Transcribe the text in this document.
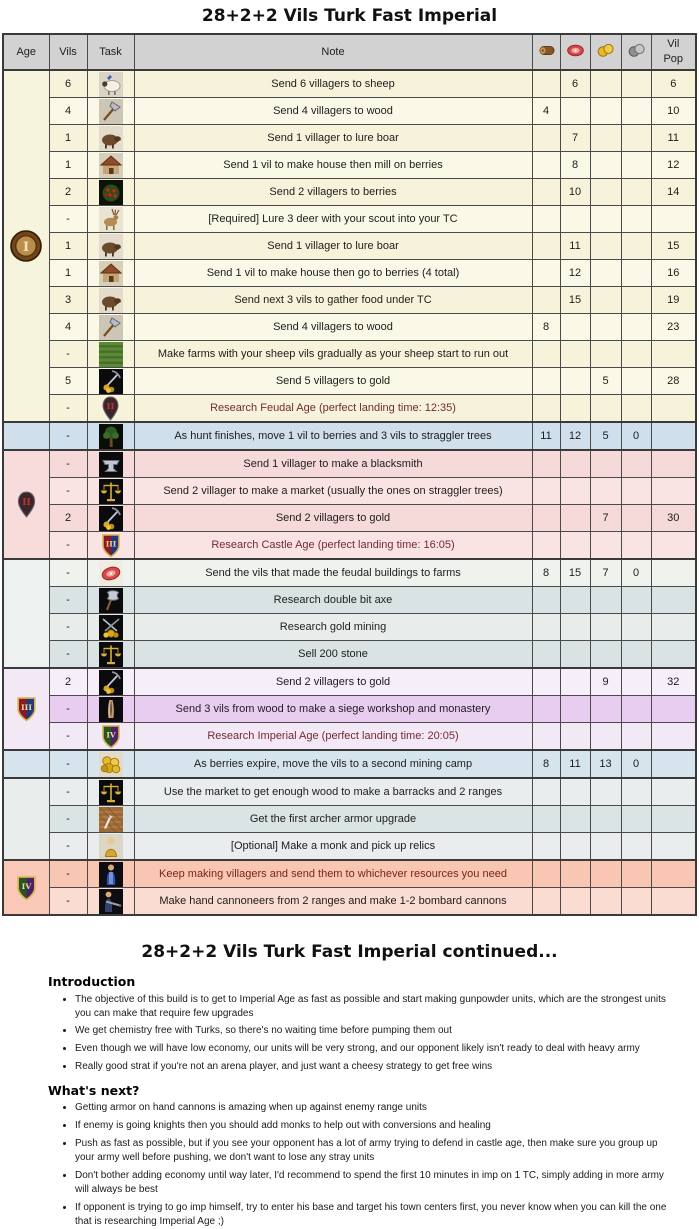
28+2+2 Vils Turk Fast Imperial
Age	Vils	Task	Note					Vil
Pop

I	6		Send 6 villagers to sheep		6			6
	4		Send 4 villagers to wood	4				10
	1		Send 1 villager to lure boar		7			11
	1		Send 1 vil to make house then mill on berries		8			12
	2		Send 2 villagers to berries		10			14
	-		[Required] Lure 3 deer with your scout into your TC					
	1		Send 1 villager to lure boar		11			15
	1		Send 1 vil to make house then go to berries (4 total)		12			16
	3		Send next 3 vils to gather food under TC		15			19
	4		Send 4 villagers to wood	8				23
	-		Make farms with your sheep vils gradually as your sheep start to run out					
	5		Send 5 villagers to gold			5		28
	-	II	Research Feudal Age (perfect landing time: 12:35)					
	-		As hunt finishes, move 1 vil to berries and 3 vils to straggler trees	11	12	5	0	

II	-		Send 1 villager to make a blacksmith					
	-		Send 2 villager to make a market (usually the ones on straggler trees)					
	2		Send 2 villagers to gold			7		30
	-	III	Research Castle Age (perfect landing time: 16:05)					
	-		Send the vils that made the feudal buildings to farms	8	15	7	0	
	-		Research double bit axe					
	-		Research gold mining					
	-		Sell 200 stone					

III	2		Send 2 villagers to gold			9		32
	-		Send 3 vils from wood to make a siege workshop and monastery					
	-	IV	Research Imperial Age (perfect landing time: 20:05)					
	-		As berries expire, move the vils to a second mining camp	8	11	13	0	
	-		Use the market to get enough wood to make a barracks and 2 ranges					
	-		Get the first archer armor upgrade					
	-		[Optional] Make a monk and pick up relics					

IV	-		Keep making villagers and send them to whichever resources you need					
	-		Make hand cannoneers from 2 ranges and make 1-2 bombard cannons					
28+2+2 Vils Turk Fast Imperial continued...
Introduction
• The objective of this build is to get to Imperial Age as fast as possible and start making gunpowder units, which are the strongest units you can make that require few upgrades
• We get chemistry free with Turks, so there's no waiting time before pumping them out
• Even though we will have low economy, our units will be very strong, and our opponent likely isn't ready to deal with heavy army
• Really good strat if you're not an arena player, and just want a cheesy strategy to get free wins
What's next?
• Getting armor on hand cannons is amazing when up against enemy range units
• If enemy is going knights then you should add monks to help out with conversions and healing
• Push as fast as possible, but if you see your opponent has a lot of army trying to defend in castle age, then make sure you group up your army well before pushing, we don't want to lose any stray units
• Don't bother adding economy until way later, I'd recommend to spend the first 10 minutes in imp on 1 TC, simply adding in more army will always be best
• If opponent is trying to go imp himself, try to enter his base and target his town centers first, you never know when you can kill the one that is researching Imperial Age ;)
